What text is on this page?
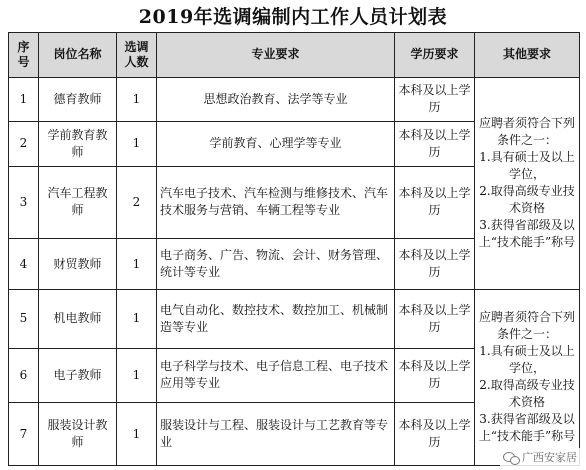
2019年选调编制内工作人员计划表
序号	岗位名称	选调人数	专业要求	学历要求	其他要求
1	德育教师	1	思想政治教育、法学等专业	本科及以上学历	应聘者须符合下列条件之一：
1.具有硕士及以上学位，
2.取得高级专业技术资格
3.获得省部级及以上“技术能手”称号

2	学前教育教师	1	学前教育、心理学等专业	本科及以上学历	
3	汽车工程教师	2	汽车电子技术、汽车检测与维修技术、汽车技术服务与营销、车辆工程等专业	本科及以上学历	
4	财贸教师	1	电子商务、广告、物流、会计、财务管理、统计等专业	本科及以上学历	
5	机电教师	1	电气自动化、数控技术、数控加工、机械制造等专业	本科及以上学历	应聘者须符合下列条件之一：
1.具有硕士及以上学位，
2.取得高级专业技术资格
3.获得省部级及以上“技术能手”称号

6	电子教师	1	电子科学与技术、电子信息工程、电子技术应用等专业	本科及以上学历	
7	服装设计教师	1	服装设计与工程、服装设计与工艺教育等专业	本科及以上学历	
广西安家居
